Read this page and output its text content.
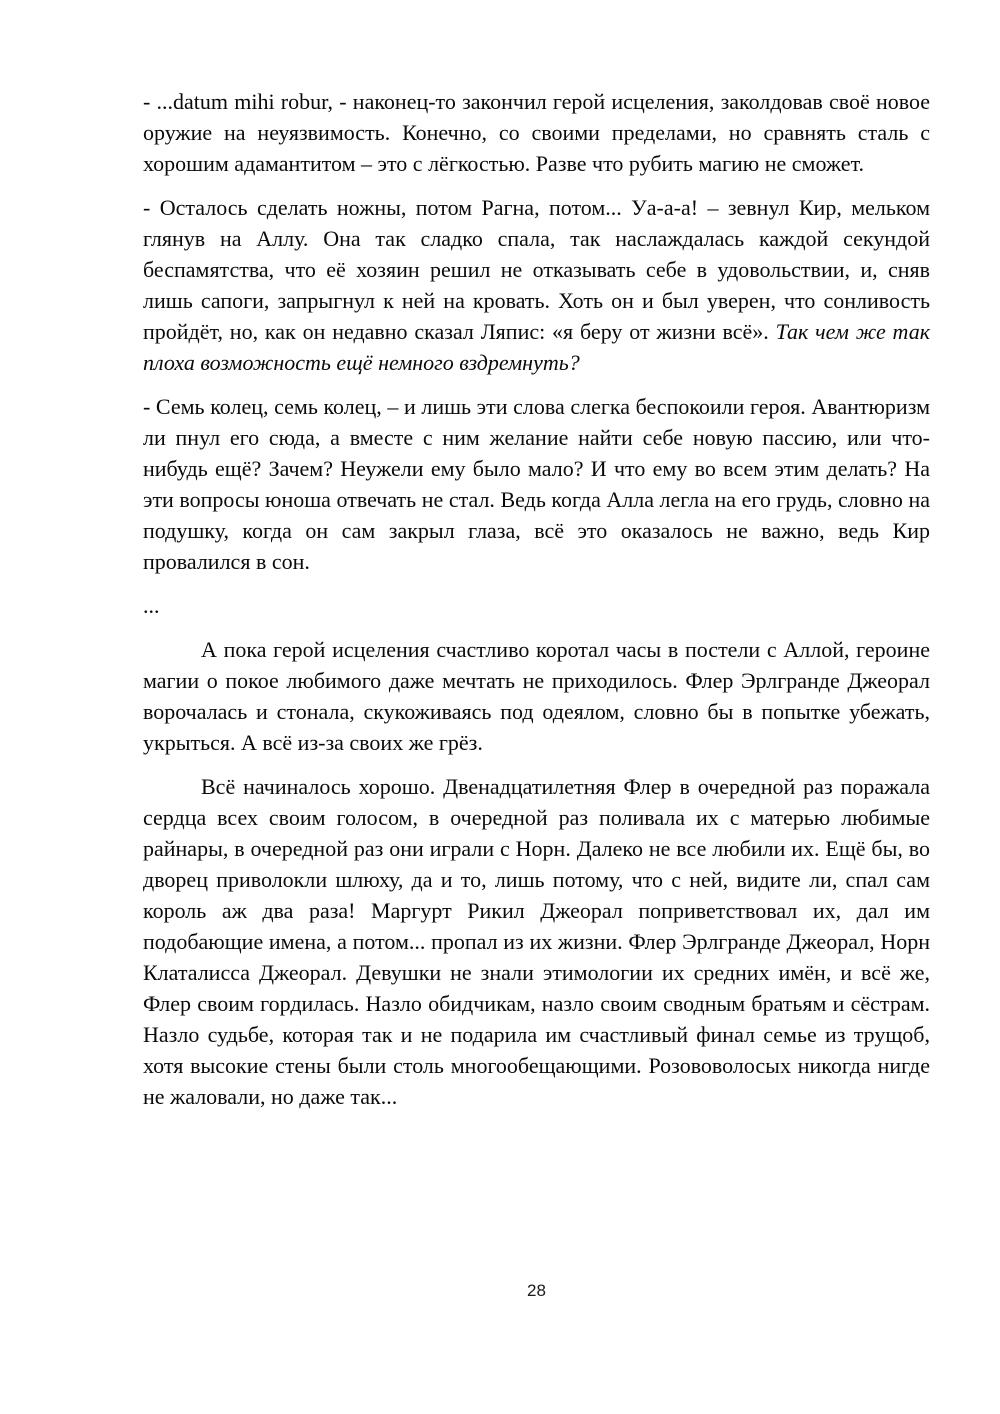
- ...datum mihi robur, - наконец-то закончил герой исцеления, заколдовав своё новое оружие на неуязвимость. Конечно, со своими пределами, но сравнять сталь с хорошим адамантитом – это с лёгкостью. Разве что рубить магию не сможет.

- Осталось сделать ножны, потом Рагна, потом... Уа-а-а! – зевнул Кир, мельком глянув на Аллу. Она так сладко спала, так наслаждалась каждой секундой беспамятства, что её хозяин решил не отказывать себе в удовольствии, и, сняв лишь сапоги, запрыгнул к ней на кровать. Хоть он и был уверен, что сонливость пройдёт, но, как он недавно сказал Ляпис: «я беру от жизни всё». Так чем же так плоха возможность ещё немного вздремнуть?

- Семь колец, семь колец, – и лишь эти слова слегка беспокоили героя. Авантюризм ли пнул его сюда, а вместе с ним желание найти себе новую пассию, или что-нибудь ещё? Зачем? Неужели ему было мало? И что ему во всем этим делать? На эти вопросы юноша отвечать не стал. Ведь когда Алла легла на его грудь, словно на подушку, когда он сам закрыл глаза, всё это оказалось не важно, ведь Кир провалился в сон.

...

А пока герой исцеления счастливо коротал часы в постели с Аллой, героине магии о покое любимого даже мечтать не приходилось. Флер Эрлгранде Джеорал ворочалась и стонала, скукоживаясь под одеялом, словно бы в попытке убежать, укрыться. А всё из-за своих же грёз.

Всё начиналось хорошо. Двенадцатилетняя Флер в очередной раз поражала сердца всех своим голосом, в очередной раз поливала их с матерью любимые райнары, в очередной раз они играли с Норн. Далеко не все любили их. Ещё бы, во дворец приволокли шлюху, да и то, лишь потому, что с ней, видите ли, спал сам король аж два раза! Маргурт Рикил Джеорал поприветствовал их, дал им подобающие имена, а потом... пропал из их жизни. Флер Эрлгранде Джеорал, Норн Клаталисса Джеорал. Девушки не знали этимологии их средних имён, и всё же, Флер своим гордилась. Назло обидчикам, назло своим сводным братьям и сёстрам. Назло судьбе, которая так и не подарила им счастливый финал семье из трущоб, хотя высокие стены были столь многообещающими. Розововолосых никогда нигде не жаловали, но даже так...

28
